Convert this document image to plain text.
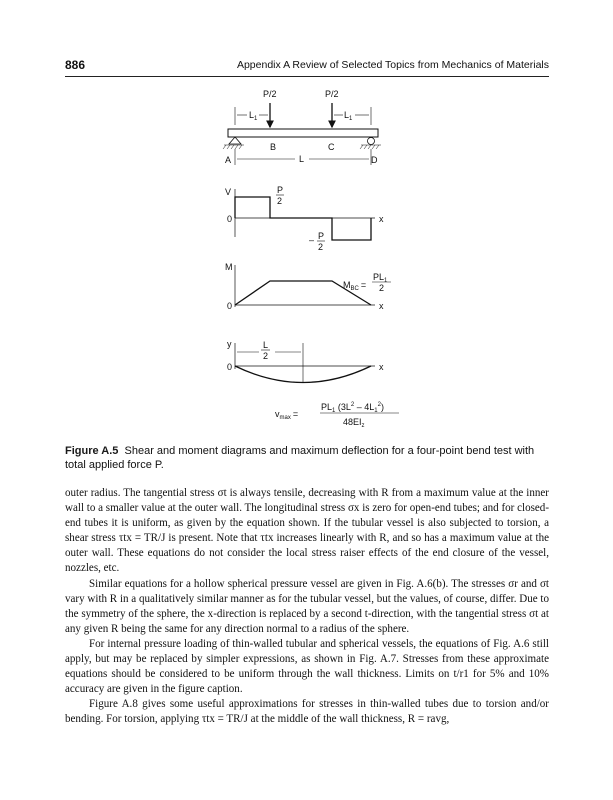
886	Appendix A Review of Selected Topics from Mechanics of Materials
P/2	P/2
$L_1$	$L_1$
B	C
A	D
L
V
0	x
P
2
– P
2
M
0	x
$M_{BC}$ =
$PL_1$
2
y
0	x
L
2
$v_{max}$ =
$PL_1$ $(3L^2 - 4L_1^2)$
$48EI_z$
Figure A.5 Shear and moment diagrams and maximum deflection for a four-point bend test with total applied force P.

outer radius. The tangential stress σt is always tensile, decreasing with R from a maximum value at the inner wall to a smaller value at the outer wall. The longitudinal stress σx is zero for open-end tubes; and for closed-end tubes it is uniform, as given by the equation shown. If the tubular vessel is also subjected to torsion, a shear stress τtx = TR/J is present. Note that τtx increases linearly with R, and so has a maximum value at the outer wall. These equations do not consider the local stress raiser effects of the end closure of the vessel, nozzles, etc.

Similar equations for a hollow spherical pressure vessel are given in Fig. A.6(b). The stresses σr and σt vary with R in a qualitatively similar manner as for the tubular vessel, but the values, of course, differ. Due to the symmetry of the sphere, the x-direction is replaced by a second t-direction, with the tangential stress σt at any given R being the same for any direction normal to a radius of the sphere.

For internal pressure loading of thin-walled tubular and spherical vessels, the equations of Fig. A.6 still apply, but may be replaced by simpler expressions, as shown in Fig. A.7. Stresses from these approximate equations should be considered to be uniform through the wall thickness. Limits on t/r1 for 5% and 10% accuracy are given in the figure caption.

Figure A.8 gives some useful approximations for stresses in thin-walled tubes due to torsion and/or bending. For torsion, applying τtx = TR/J at the middle of the wall thickness, R = ravg,
